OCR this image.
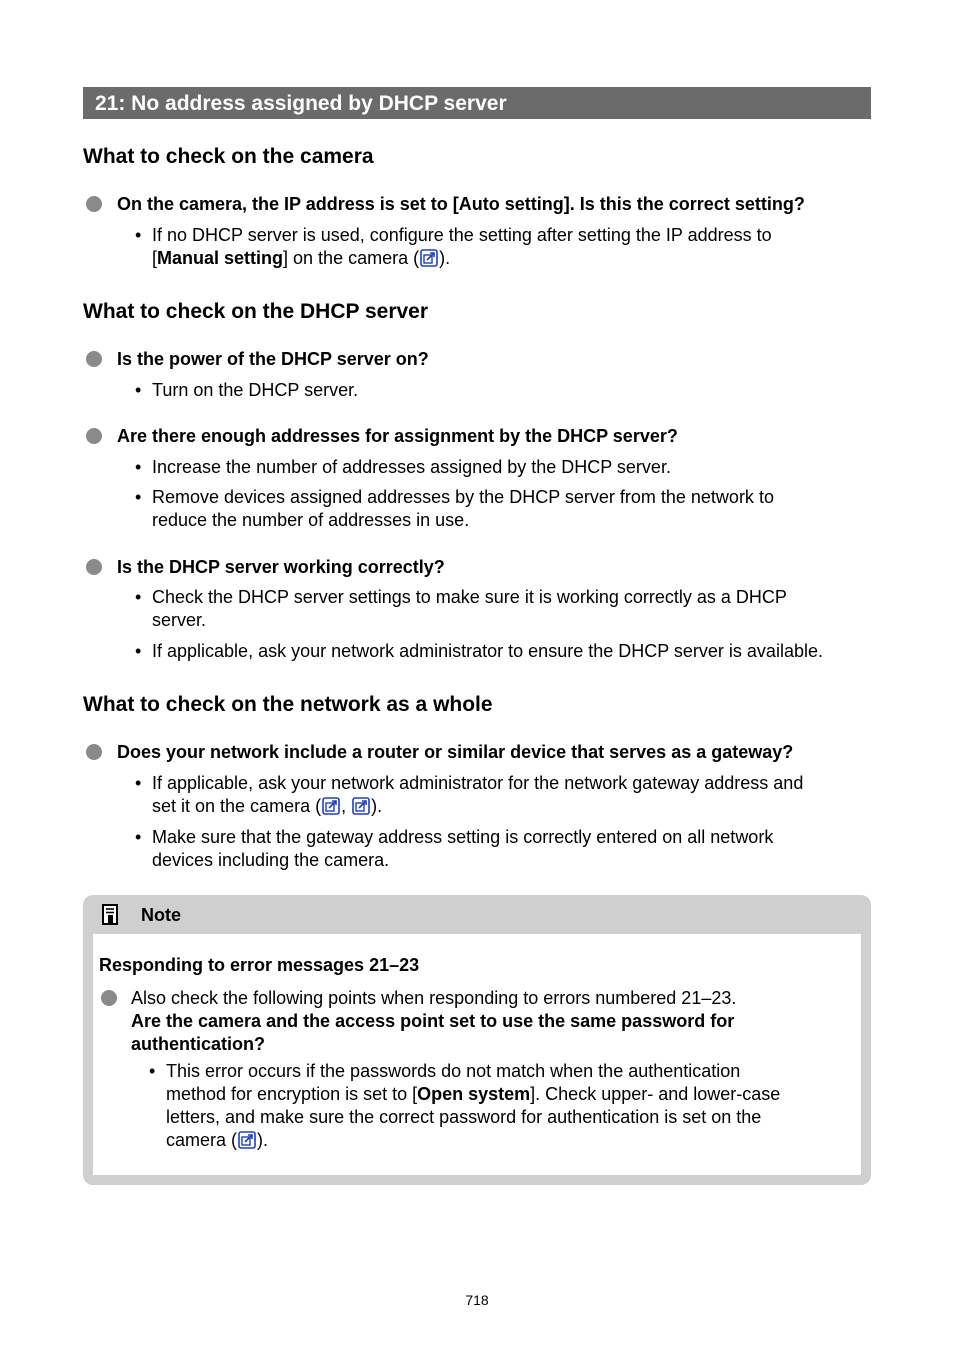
21: No address assigned by DHCP server
What to check on the camera
On the camera, the IP address is set to [Auto setting]. Is this the correct setting?
• If no DHCP server is used, configure the setting after setting the IP address to
[Manual setting] on the camera ( ).
What to check on the DHCP server
Is the power of the DHCP server on?
• Turn on the DHCP server.
Are there enough addresses for assignment by the DHCP server?
• Increase the number of addresses assigned by the DHCP server.
• Remove devices assigned addresses by the DHCP server from the network to
reduce the number of addresses in use.
Is the DHCP server working correctly?
• Check the DHCP server settings to make sure it is working correctly as a DHCP
server.
• If applicable, ask your network administrator to ensure the DHCP server is available.
What to check on the network as a whole
Does your network include a router or similar device that serves as a gateway?
• If applicable, ask your network administrator for the network gateway address and
set it on the camera ( , ).
• Make sure that the gateway address setting is correctly entered on all network
devices including the camera.
Note
Responding to error messages 21–23
Also check the following points when responding to errors numbered 21–23.
Are the camera and the access point set to use the same password for
authentication?
• This error occurs if the passwords do not match when the authentication
method for encryption is set to [Open system]. Check upper- and lower-case
letters, and make sure the correct password for authentication is set on the
camera ( ).
718
